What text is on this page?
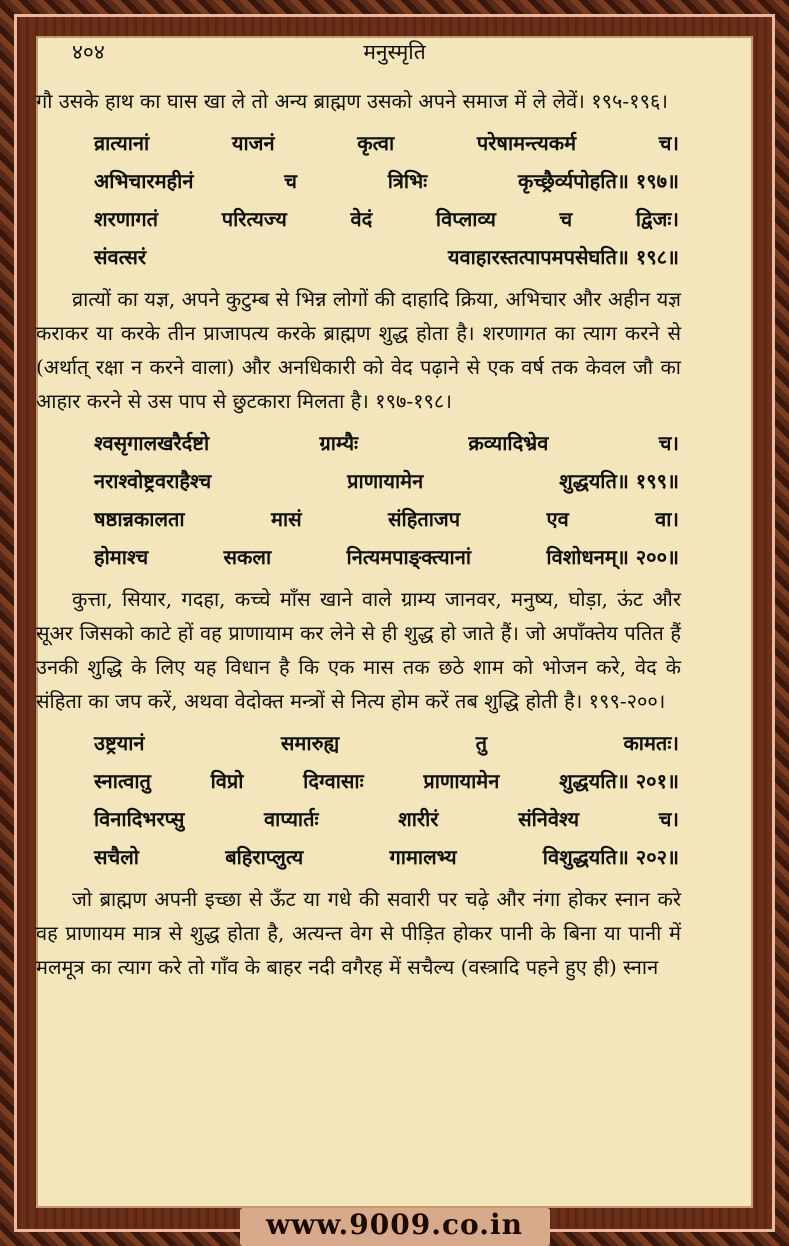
४०४	मनुस्मृति

गौ उसके हाथ का घास खा ले तो अन्य ब्राह्मण उसको अपने समाज में ले लेवें। १९५-१९६।

व्रात्यानां	याजनं	कृत्वा	परेषामन्त्यकर्म	च।
अभिचारमहीनं	च	त्रिभिः	कृच्छ्रैर्व्यपोहति॥ १९७॥
शरणागतं	परित्यज्य	वेदं	विप्लाव्य	च	द्विजः।
संवत्सरं	यवाहारस्तत्पापमपसेघति॥ १९८॥

व्रात्यों का यज्ञ, अपने कुटुम्ब से भिन्न लोगों की दाहादि क्रिया, अभिचार और अहीन यज्ञ कराकर या करके तीन प्राजापत्य करके ब्राह्मण शुद्ध होता है। शरणागत का त्याग करने से (अर्थात् रक्षा न करने वाला) और अनधिकारी को वेद पढ़ाने से एक वर्ष तक केवल जौ का आहार करने से उस पाप से छुटकारा मिलता है। १९७-१९८।

श्वसृगालखरैर्दष्टो	ग्राम्यैः	क्रव्यादिभ्रेव	च।
नराश्वोष्ट्रवराहैश्च	प्राणायामेन	शुद्धयति॥ १९९॥
षष्ठान्नकालता	मासं	संहिताजप	एव	वा।
होमाश्च	सकला	नित्यमपाङ्क्त्यानां	विशोधनम्॥ २००॥

कुत्ता, सियार, गदहा, कच्चे माँस खाने वाले ग्राम्य जानवर, मनुष्य, घोड़ा, ऊंट और सूअर जिसको काटे हों वह प्राणायाम कर लेने से ही शुद्ध हो जाते हैं। जो अपाँक्तेय पतित हैं उनकी शुद्धि के लिए यह विधान है कि एक मास तक छठे शाम को भोजन करे, वेद के संहिता का जप करें, अथवा वेदोक्त मन्त्रों से नित्य होम करें तब शुद्धि होती है। १९९-२००।

उष्ट्रयानं	समारुह्य	तु	कामतः।
स्नात्वातु	विप्रो	दिग्वासाः	प्राणायामेन	शुद्धयति॥ २०१॥
विनादिभरप्सु	वाप्यार्तः	शारीरं	संनिवेश्य	च।
सचैलो	बहिराप्लुत्य	गामालभ्य	विशुद्धयति॥ २०२॥

जो ब्राह्मण अपनी इच्छा से ऊँट या गधे की सवारी पर चढ़े और नंगा होकर स्नान करे वह प्राणायम मात्र से शुद्ध होता है, अत्यन्त वेग से पीड़ित होकर पानी के बिना या पानी में मलमूत्र का त्याग करे तो गाँव के बाहर नदी वगैरह में सचैल्य (वस्त्रादि पहने हुए ही) स्नान

www.9009.co.in
